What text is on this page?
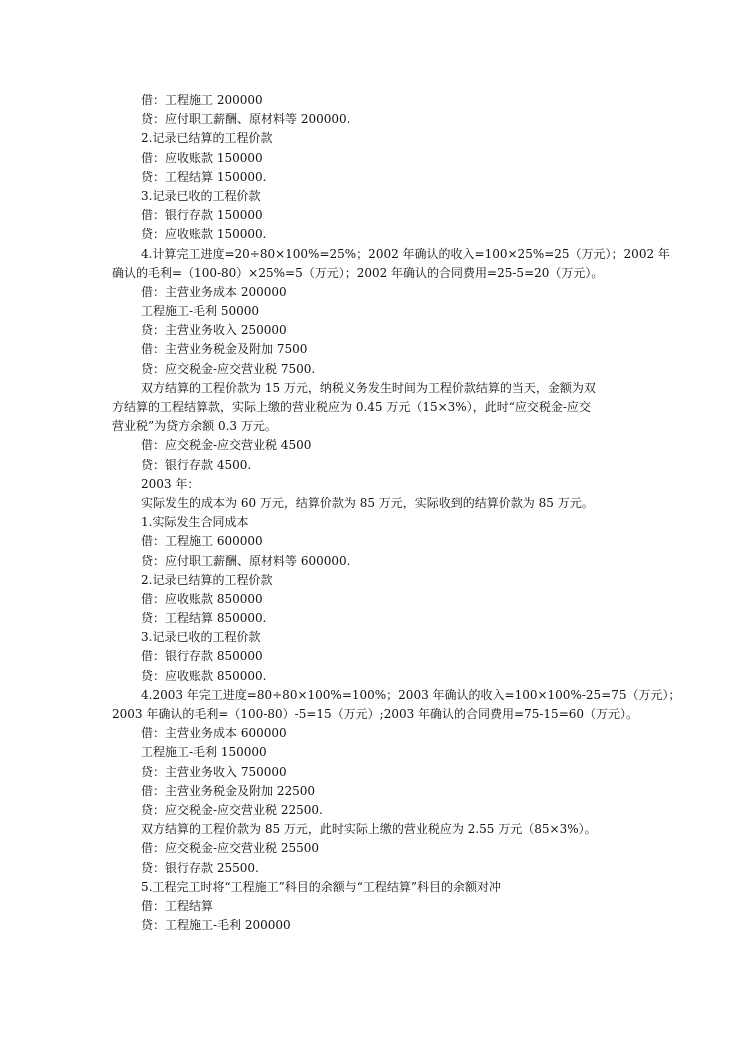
借：工程施工 200000
贷：应付职工薪酬、原材料等 200000.
2.记录已结算的工程价款
借：应收账款 150000
贷：工程结算 150000.
3.记录已收的工程价款
借：银行存款 150000
贷：应收账款 150000.
4.计算完工进度=20÷80×100%=25%；2002 年确认的收入=100×25%=25（万元）；2002 年
确认的毛利=（100-80）×25%=5（万元）；2002 年确认的合同费用=25-5=20（万元）。
借：主营业务成本 200000
工程施工-毛利 50000
贷：主营业务收入 250000
借：主营业务税金及附加 7500
贷：应交税金-应交营业税 7500.
双方结算的工程价款为 15 万元，纳税义务发生时间为工程价款结算的当天，金额为双
方结算的工程结算款，实际上缴的营业税应为 0.45 万元（15×3%），此时“应交税金-应交
营业税”为贷方余额 0.3 万元。
借：应交税金-应交营业税 4500
贷：银行存款 4500.
2003 年：
实际发生的成本为 60 万元，结算价款为 85 万元，实际收到的结算价款为 85 万元。
1.实际发生合同成本
借：工程施工 600000
贷：应付职工薪酬、原材料等 600000.
2.记录已结算的工程价款
借：应收账款 850000
贷：工程结算 850000.
3.记录已收的工程价款
借：银行存款 850000
贷：应收账款 850000.
4.2003 年完工进度=80÷80×100%=100%；2003 年确认的收入=100×100%-25=75（万元）；
2003 年确认的毛利=（100-80）-5=15（万元）;2003 年确认的合同费用=75-15=60（万元）。
借：主营业务成本 600000
工程施工-毛利 150000
贷：主营业务收入 750000
借：主营业务税金及附加 22500
贷：应交税金-应交营业税 22500.
双方结算的工程价款为 85 万元，此时实际上缴的营业税应为 2.55 万元（85×3%）。
借：应交税金-应交营业税 25500
贷：银行存款 25500.
5.工程完工时将“工程施工”科目的余额与“工程结算”科目的余额对冲
借：工程结算
贷：工程施工-毛利 200000
